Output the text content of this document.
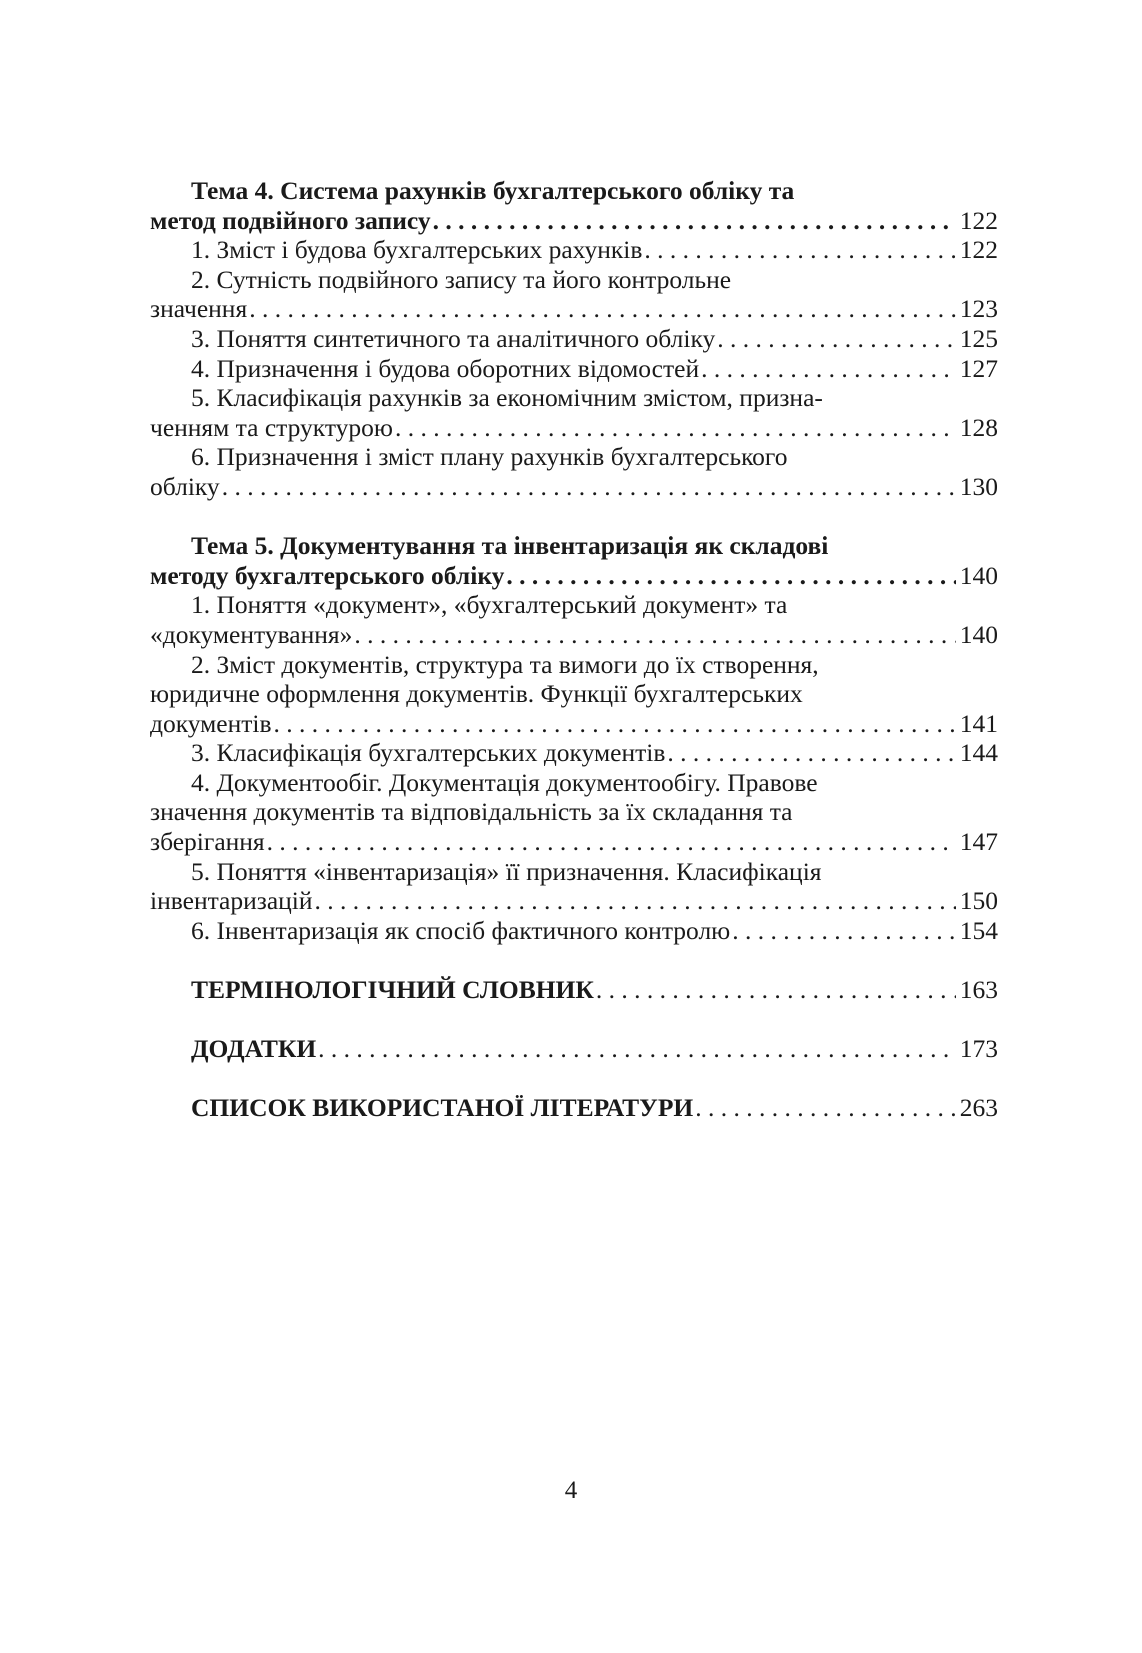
Тема 4. Система рахунків бухгалтерського обліку та
метод подвійного запису . . .	122
1. Зміст і будова бухгалтерських рахунків . . .	122
2. Сутність подвійного запису та його контрольне
значення . . .	123
3. Поняття синтетичного та аналітичного обліку . . .	125
4. Призначення і будова оборотних відомостей . . .	127
5. Класифікація рахунків за економічним змістом, призна-
ченням та структурою . . .	128
6. Призначення і зміст плану рахунків бухгалтерського
обліку . . .	130
Тема 5. Документування та інвентаризація як складові
методу бухгалтерського обліку . . .	140
1. Поняття «документ», «бухгалтерський документ» та
«документування» . . .	140
2. Зміст документів, структура та вимоги до їх створення,
юридичне оформлення документів. Функції бухгалтерських
документів . . .	141
3. Класифікація бухгалтерських документів . . .	144
4. Документообіг. Документація документообігу. Правове
значення документів та відповідальність за їх складання та
зберігання . . .	147
5. Поняття «інвентаризація» її призначення. Класифікація
інвентаризацій . . .	150
6. Інвентаризація як спосіб фактичного контролю . . .	154
ТЕРМІНОЛОГІЧНИЙ СЛОВНИК . . .	163
ДОДАТКИ . . .	173
СПИСОК ВИКОРИСТАНОЇ ЛІТЕРАТУРИ . . .	263
4
